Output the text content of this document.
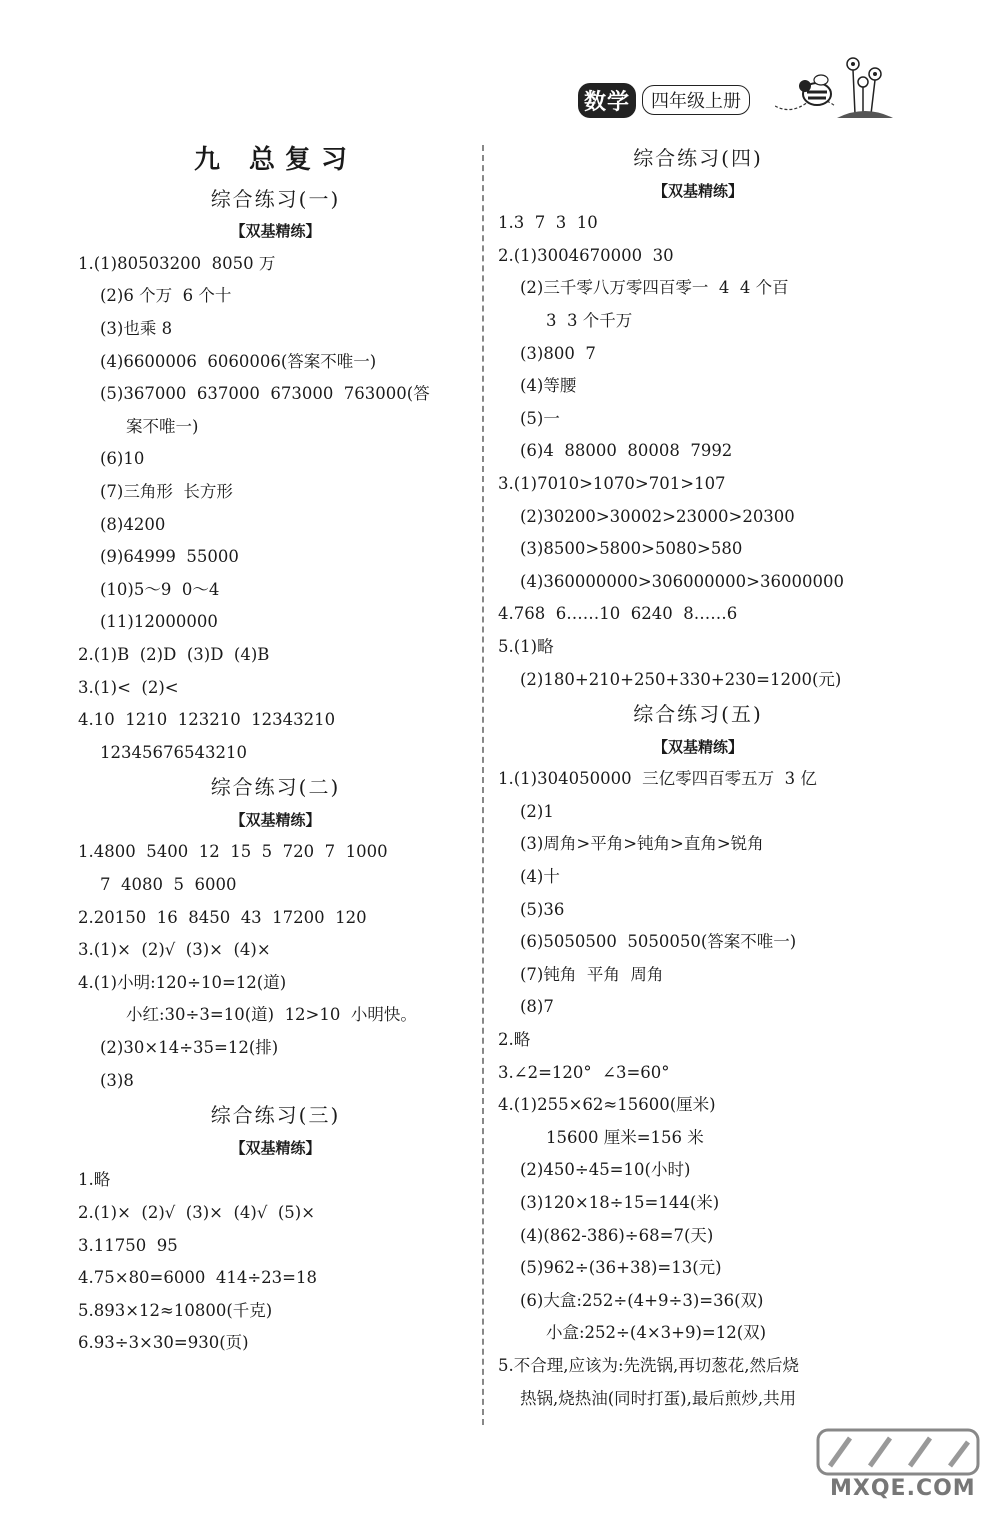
数学	四年级上册
九 总复习
综合练习(一)
【双基精练】
1.(1)80503200  8050 万
(2)6 个万  6 个十
(3)也乘 8
(4)6600006  6060006(答案不唯一)
(5)367000  637000  673000  763000(答
案不唯一)
(6)10
(7)三角形  长方形
(8)4200
(9)64999  55000
(10)5～9  0～4
(11)12000000
2.(1)B  (2)D  (3)D  (4)B
3.(1)<  (2)<
4.10  1210  123210  12343210
12345676543210
综合练习(二)
【双基精练】
1.4800  5400  12  15  5  720  7  1000
7  4080  5  6000
2.20150  16  8450  43  17200  120
3.(1)×  (2)√  (3)×  (4)×
4.(1)小明:120÷10=12(道)
小红:30÷3=10(道)  12>10  小明快。
(2)30×14÷35=12(排)
(3)8
综合练习(三)
【双基精练】
1.略
2.(1)×  (2)√  (3)×  (4)√  (5)×
3.11750  95
4.75×80=6000  414÷23=18
5.893×12≈10800(千克)
6.93÷3×30=930(页)
综合练习(四)
【双基精练】
1.3  7  3  10
2.(1)3004670000  30
(2)三千零八万零四百零一  4  4 个百
3  3 个千万
(3)800  7
(4)等腰
(5)一
(6)4  88000  80008  7992
3.(1)7010>1070>701>107
(2)30200>30002>23000>20300
(3)8500>5800>5080>580
(4)360000000>306000000>36000000
4.768  6……10  6240  8……6
5.(1)略
(2)180+210+250+330+230=1200(元)
综合练习(五)
【双基精练】
1.(1)304050000  三亿零四百零五万  3 亿
(2)1
(3)周角>平角>钝角>直角>锐角
(4)十
(5)36
(6)5050500  5050050(答案不唯一)
(7)钝角  平角  周角
(8)7
2.略
3.∠2=120°  ∠3=60°
4.(1)255×62≈15600(厘米)
15600 厘米=156 米
(2)450÷45=10(小时)
(3)120×18÷15=144(米)
(4)(862-386)÷68=7(天)
(5)962÷(36+38)=13(元)
(6)大盒:252÷(4+9÷3)=36(双)
小盒:252÷(4×3+9)=12(双)
5.不合理,应该为:先洗锅,再切葱花,然后烧
热锅,烧热油(同时打蛋),最后煎炒,共用
MXQE.COM
